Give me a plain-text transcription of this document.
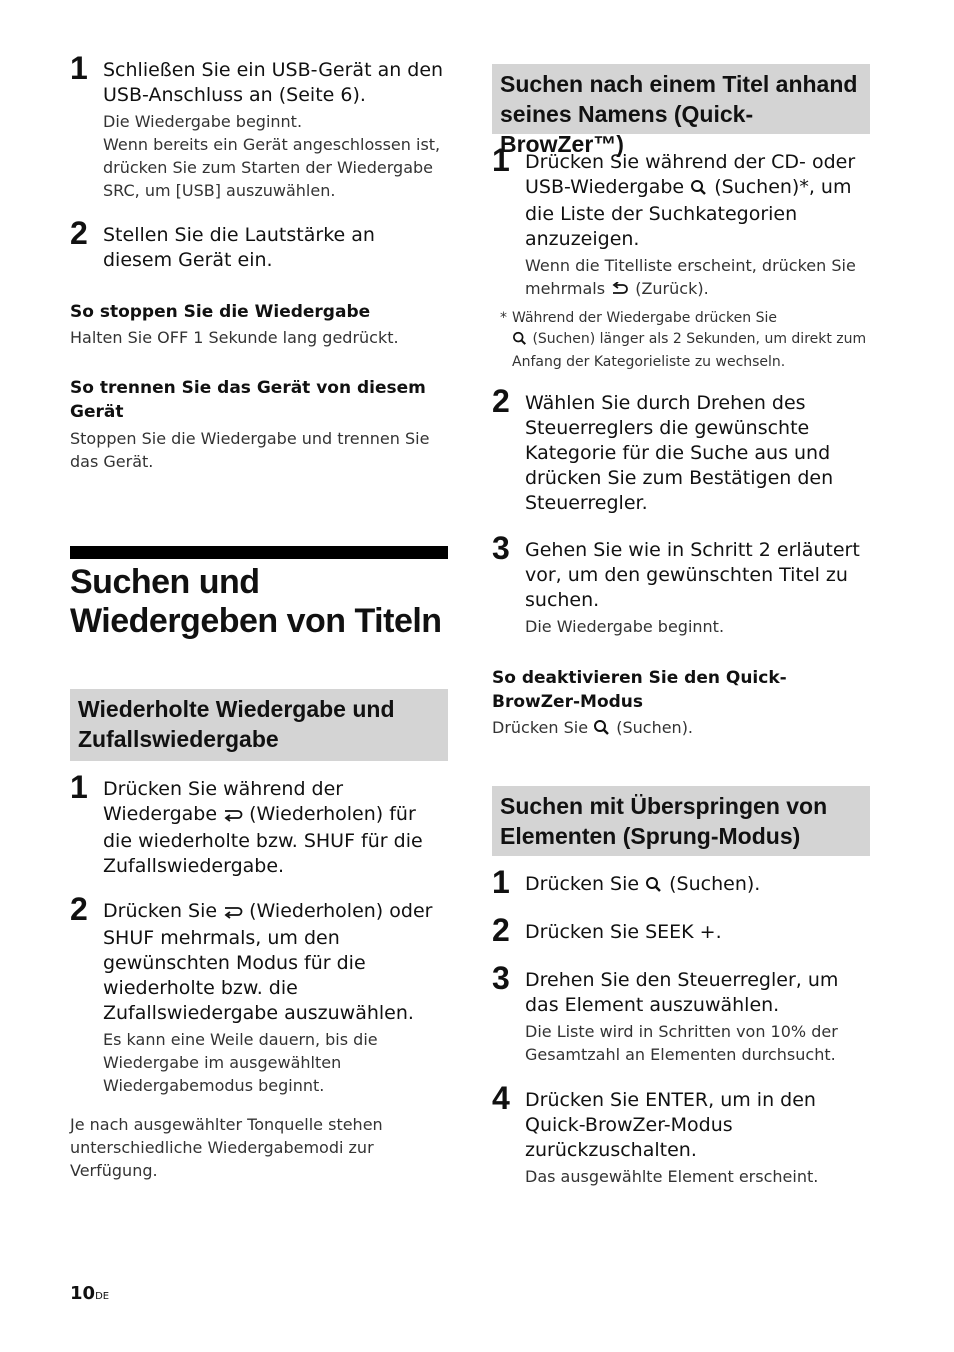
1 Schließen Sie ein USB-Gerät an den USB-Anschluss an (Seite 6).
Die Wiedergabe beginnt.
Wenn bereits ein Gerät angeschlossen ist, drücken Sie zum Starten der Wiedergabe SRC, um [USB] auszuwählen.
2 Stellen Sie die Lautstärke an diesem Gerät ein.
So stoppen Sie die Wiedergabe
Halten Sie OFF 1 Sekunde lang gedrückt.
So trennen Sie das Gerät von diesem Gerät
Stoppen Sie die Wiedergabe und trennen Sie das Gerät.
Suchen und Wiedergeben von Titeln
Wiederholte Wiedergabe und Zufallswiedergabe
1 Drücken Sie während der Wiedergabe  (Wiederholen) für die wiederholte bzw. SHUF für die Zufallswiedergabe.
2 Drücken Sie  (Wiederholen) oder SHUF mehrmals, um den gewünschten Modus für die wiederholte bzw. die Zufallswiedergabe auszuwählen.
Es kann eine Weile dauern, bis die Wiedergabe im ausgewählten Wiedergabemodus beginnt.
Je nach ausgewählter Tonquelle stehen unterschiedliche Wiedergabemodi zur Verfügung.
Suchen nach einem Titel anhand seines Namens (Quick-BrowZer™)
1 Drücken Sie während der CD- oder USB-Wiedergabe  (Suchen)*, um die Liste der Suchkategorien anzuzeigen.
Wenn die Titelliste erscheint, drücken Sie mehrmals  (Zurück).
* Während der Wiedergabe drücken Sie
(Suchen) länger als 2 Sekunden, um direkt zum Anfang der Kategorieliste zu wechseln.
2 Wählen Sie durch Drehen des Steuerreglers die gewünschte Kategorie für die Suche aus und drücken Sie zum Bestätigen den Steuerregler.
3 Gehen Sie wie in Schritt 2 erläutert vor, um den gewünschten Titel zu suchen.
Die Wiedergabe beginnt.
So deaktivieren Sie den Quick-BrowZer-Modus
Drücken Sie  (Suchen).
Suchen mit Überspringen von Elementen (Sprung-Modus)
1 Drücken Sie  (Suchen).
2 Drücken Sie SEEK +.
3 Drehen Sie den Steuerregler, um das Element auszuwählen.
Die Liste wird in Schritten von 10% der Gesamtzahl an Elementen durchsucht.
4 Drücken Sie ENTER, um in den Quick-BrowZer-Modus zurückzuschalten.
Das ausgewählte Element erscheint.
10DE
